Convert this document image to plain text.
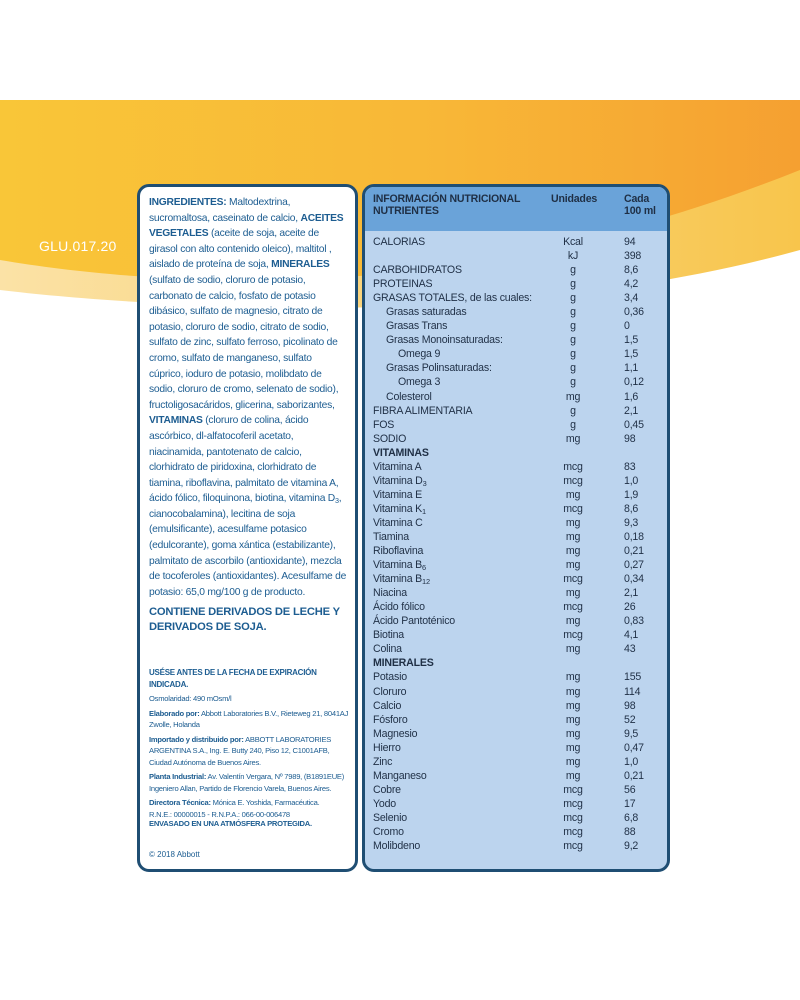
GLU.017.20
INGREDIENTES: Maltodextrina, sucromaltosa, caseinato de calcio, ACEITES VEGETALES (aceite de soja, aceite de girasol con alto contenido oleico), maltitol , aislado de proteína de soja, MINERALES (sulfato de sodio, cloruro de potasio, carbonato de calcio, fosfato de potasio dibásico, sulfato de magnesio, citrato de potasio, cloruro de sodio, citrato de sodio, sulfato de zinc, sulfato ferroso, picolinato de cromo, sulfato de manganeso, sulfato cúprico, ioduro de potasio, molibdato de sodio, cloruro de cromo, selenato de sodio), fructoligosacáridos, glicerina, saborizantes, VITAMINAS (cloruro de colina, ácido ascórbico, dl-alfatocoferil acetato, niacinamida, pantotenato de calcio, clorhidrato de piridoxina, clorhidrato de tiamina, riboflavina, palmitato de vitamina A, ácido fólico, filoquinona, biotina, vitamina $D_3$, cianocobalamina), lecitina de soja (emulsificante), acesulfame potasico (edulcorante), goma xántica (estabilizante), palmitato de ascorbilo (antioxidante), mezcla de tocoferoles (antioxidantes). Acesulfame de potasio: 65,0 mg/100 g de producto.
CONTIENE DERIVADOS DE LECHE Y DERIVADOS DE SOJA.

USÉSE ANTES DE LA FECHA DE EXPIRACIÓN INDICADA.

Osmolaridad: 490 mOsm/l

Elaborado por: Abbott Laboratories B.V., Rieteweg 21, 8041AJ Zwolle, Holanda

Importado y distribuido por: ABBOTT LABORATORIES ARGENTINA S.A., Ing. E. Butty 240, Piso 12, C1001AFB, Ciudad Autónoma de Buenos Aires.

Planta Industrial: Av. Valentín Vergara, Nº 7989, (B1891EUE) Ingeniero Allan, Partido de Florencio Varela, Buenos Aires.

Directora Técnica: Mónica E. Yoshida, Farmacéutica.

R.N.E.: 00000015 - R.N.P.A.: 066-00-006478

ENVASADO EN UNA ATMÓSFERA PROTEGIDA.

© 2018 Abbott
INFORMACIÓN NUTRICIONAL
NUTRIENTES
Unidades	Cada
100 ml
CALORIAS	Kcal	94
kJ	398
CARBOHIDRATOS	g	8,6
PROTEINAS	g	4,2
GRASAS TOTALES, de las cuales:	g	3,4
Grasas saturadas	g	0,36
Grasas Trans	g	0
Grasas Monoinsaturadas:	g	1,5
Omega 9	g	1,5
Grasas Polinsaturadas:	g	1,1
Omega 3	g	0,12
Colesterol	mg	1,6
FIBRA ALIMENTARIA	g	2,1
FOS	g	0,45
SODIO	mg	98
VITAMINAS
Vitamina A	mcg	83
Vitamina $D_3$	mcg	1,0
Vitamina E	mg	1,9
Vitamina $K_1$	mcg	8,6
Vitamina C	mg	9,3
Tiamina	mg	0,18
Riboflavina	mg	0,21
Vitamina $B_6$	mg	0,27
Vitamina $B_{12}$	mcg	0,34
Niacina	mg	2,1
Ácido fólico	mcg	26
Ácido Pantoténico	mg	0,83
Biotina	mcg	4,1
Colina	mg	43
MINERALES
Potasio	mg	155
Cloruro	mg	114
Calcio	mg	98
Fósforo	mg	52
Magnesio	mg	9,5
Hierro	mg	0,47
Zinc	mg	1,0
Manganeso	mg	0,21
Cobre	mcg	56
Yodo	mcg	17
Selenio	mcg	6,8
Cromo	mcg	88
Molibdeno	mcg	9,2
